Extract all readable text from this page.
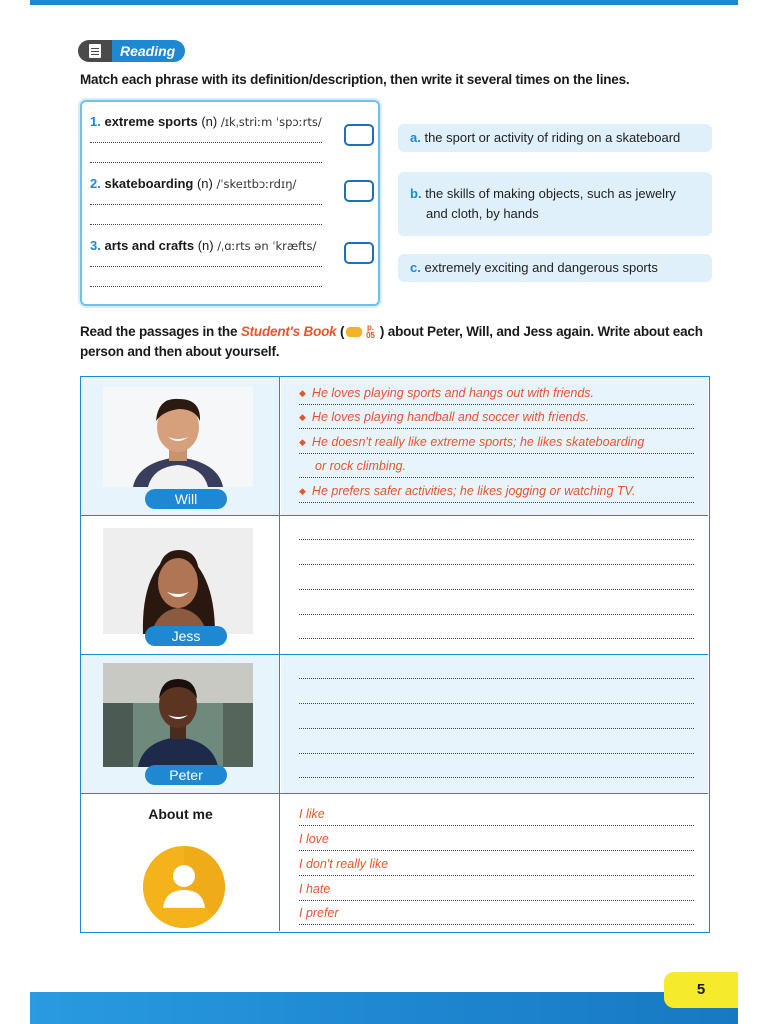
Reading
Match each phrase with its definition/description, then write it several times on the lines.
1. extreme sports (n) /ɪkˌstriːm ˈspɔːrts/
2. skateboarding (n) /ˈskeɪtbɔːrdɪŋ/
3. arts and crafts (n) /ˌɑːrts ən ˈkræfts/
a. the sport or activity of riding on a skateboard
b. the skills of making objects, such as jewelry
and cloth, by hands
c. extremely exciting and dangerous sports
Read the passages in the Student's Book (	p. 05 ) about Peter, Will, and Jess again. Write about each person and then about yourself.
Will
◆ He loves playing sports and hangs out with friends.
◆ He loves playing handball and soccer with friends.
◆ He doesn't really like extreme sports; he likes skateboarding
or rock climbing.
◆ He prefers safer activities; he likes jogging or watching TV.
Jess
Peter
About me	I like
I love
I don't really like
I hate
I prefer
5
